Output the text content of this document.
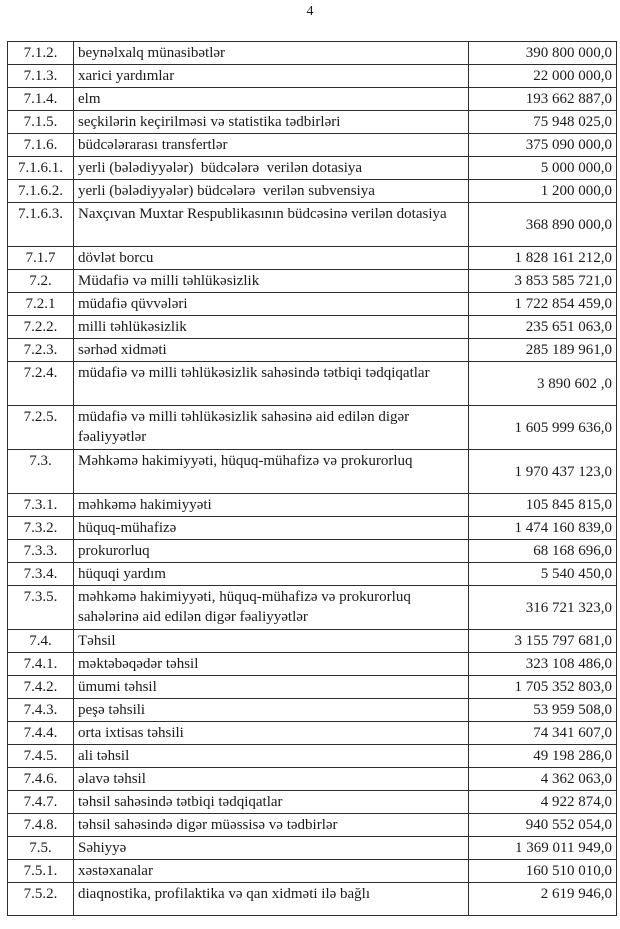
4
7.1.2.	beynəlxalq münasibətlər	390 800 000,0
7.1.3.	xarici yardımlar	22 000 000,0
7.1.4.	elm	193 662 887,0
7.1.5.	seçkilərin keçirilməsi və statistika tədbirləri	75 948 025,0
7.1.6.	büdcələrarası transfertlər	375 090 000,0
7.1.6.1.	yerli (bələdiyyələr)  büdcələrə  verilən dotasiya	5 000 000,0
7.1.6.2.	yerli (bələdiyyələr) büdcələrə  verilən subvensiya	1 200 000,0
7.1.6.3.	Naxçıvan Muxtar Respublikasının büdcəsinə verilən dotasiya	368 890 000,0
7.1.7	dövlət borcu	1 828 161 212,0
7.2.	Müdafiə və milli təhlükəsizlik	3 853 585 721,0
7.2.1	müdafiə qüvvələri	1 722 854 459,0
7.2.2.	milli təhlükəsizlik	235 651 063,0
7.2.3.	sərhəd xidməti	285 189 961,0
7.2.4.	müdafiə və milli təhlükəsizlik sahəsində tətbiqi tədqiqatlar	3 890 602 ,0
7.2.5.	müdafiə və milli təhlükəsizlik sahəsinə aid edilən digər fəaliyyətlər	1 605 999 636,0
7.3.	Məhkəmə hakimiyyəti, hüquq-mühafizə və prokurorluq	1 970 437 123,0
7.3.1.	məhkəmə hakimiyyəti	105 845 815,0
7.3.2.	hüquq-mühafizə	1 474 160 839,0
7.3.3.	prokurorluq	68 168 696,0
7.3.4.	hüquqi yardım	5 540 450,0
7.3.5.	məhkəmə hakimiyyəti, hüquq-mühafizə və prokurorluq sahələrinə aid edilən digər fəaliyyətlər	316 721 323,0
7.4.	Təhsil	3 155 797 681,0
7.4.1.	məktəbəqədər təhsil	323 108 486,0
7.4.2.	ümumi təhsil	1 705 352 803,0
7.4.3.	peşə təhsili	53 959 508,0
7.4.4.	orta ixtisas təhsili	74 341 607,0
7.4.5.	ali təhsil	49 198 286,0
7.4.6.	əlavə təhsil	4 362 063,0
7.4.7.	təhsil sahəsində tətbiqi tədqiqatlar	4 922 874,0
7.4.8.	təhsil sahəsində digər müəssisə və tədbirlər	940 552 054,0
7.5.	Səhiyyə	1 369 011 949,0
7.5.1.	xəstəxanalar	160 510 010,0
7.5.2.	diaqnostika, profilaktika və qan xidməti ilə bağlı	2 619 946,0
